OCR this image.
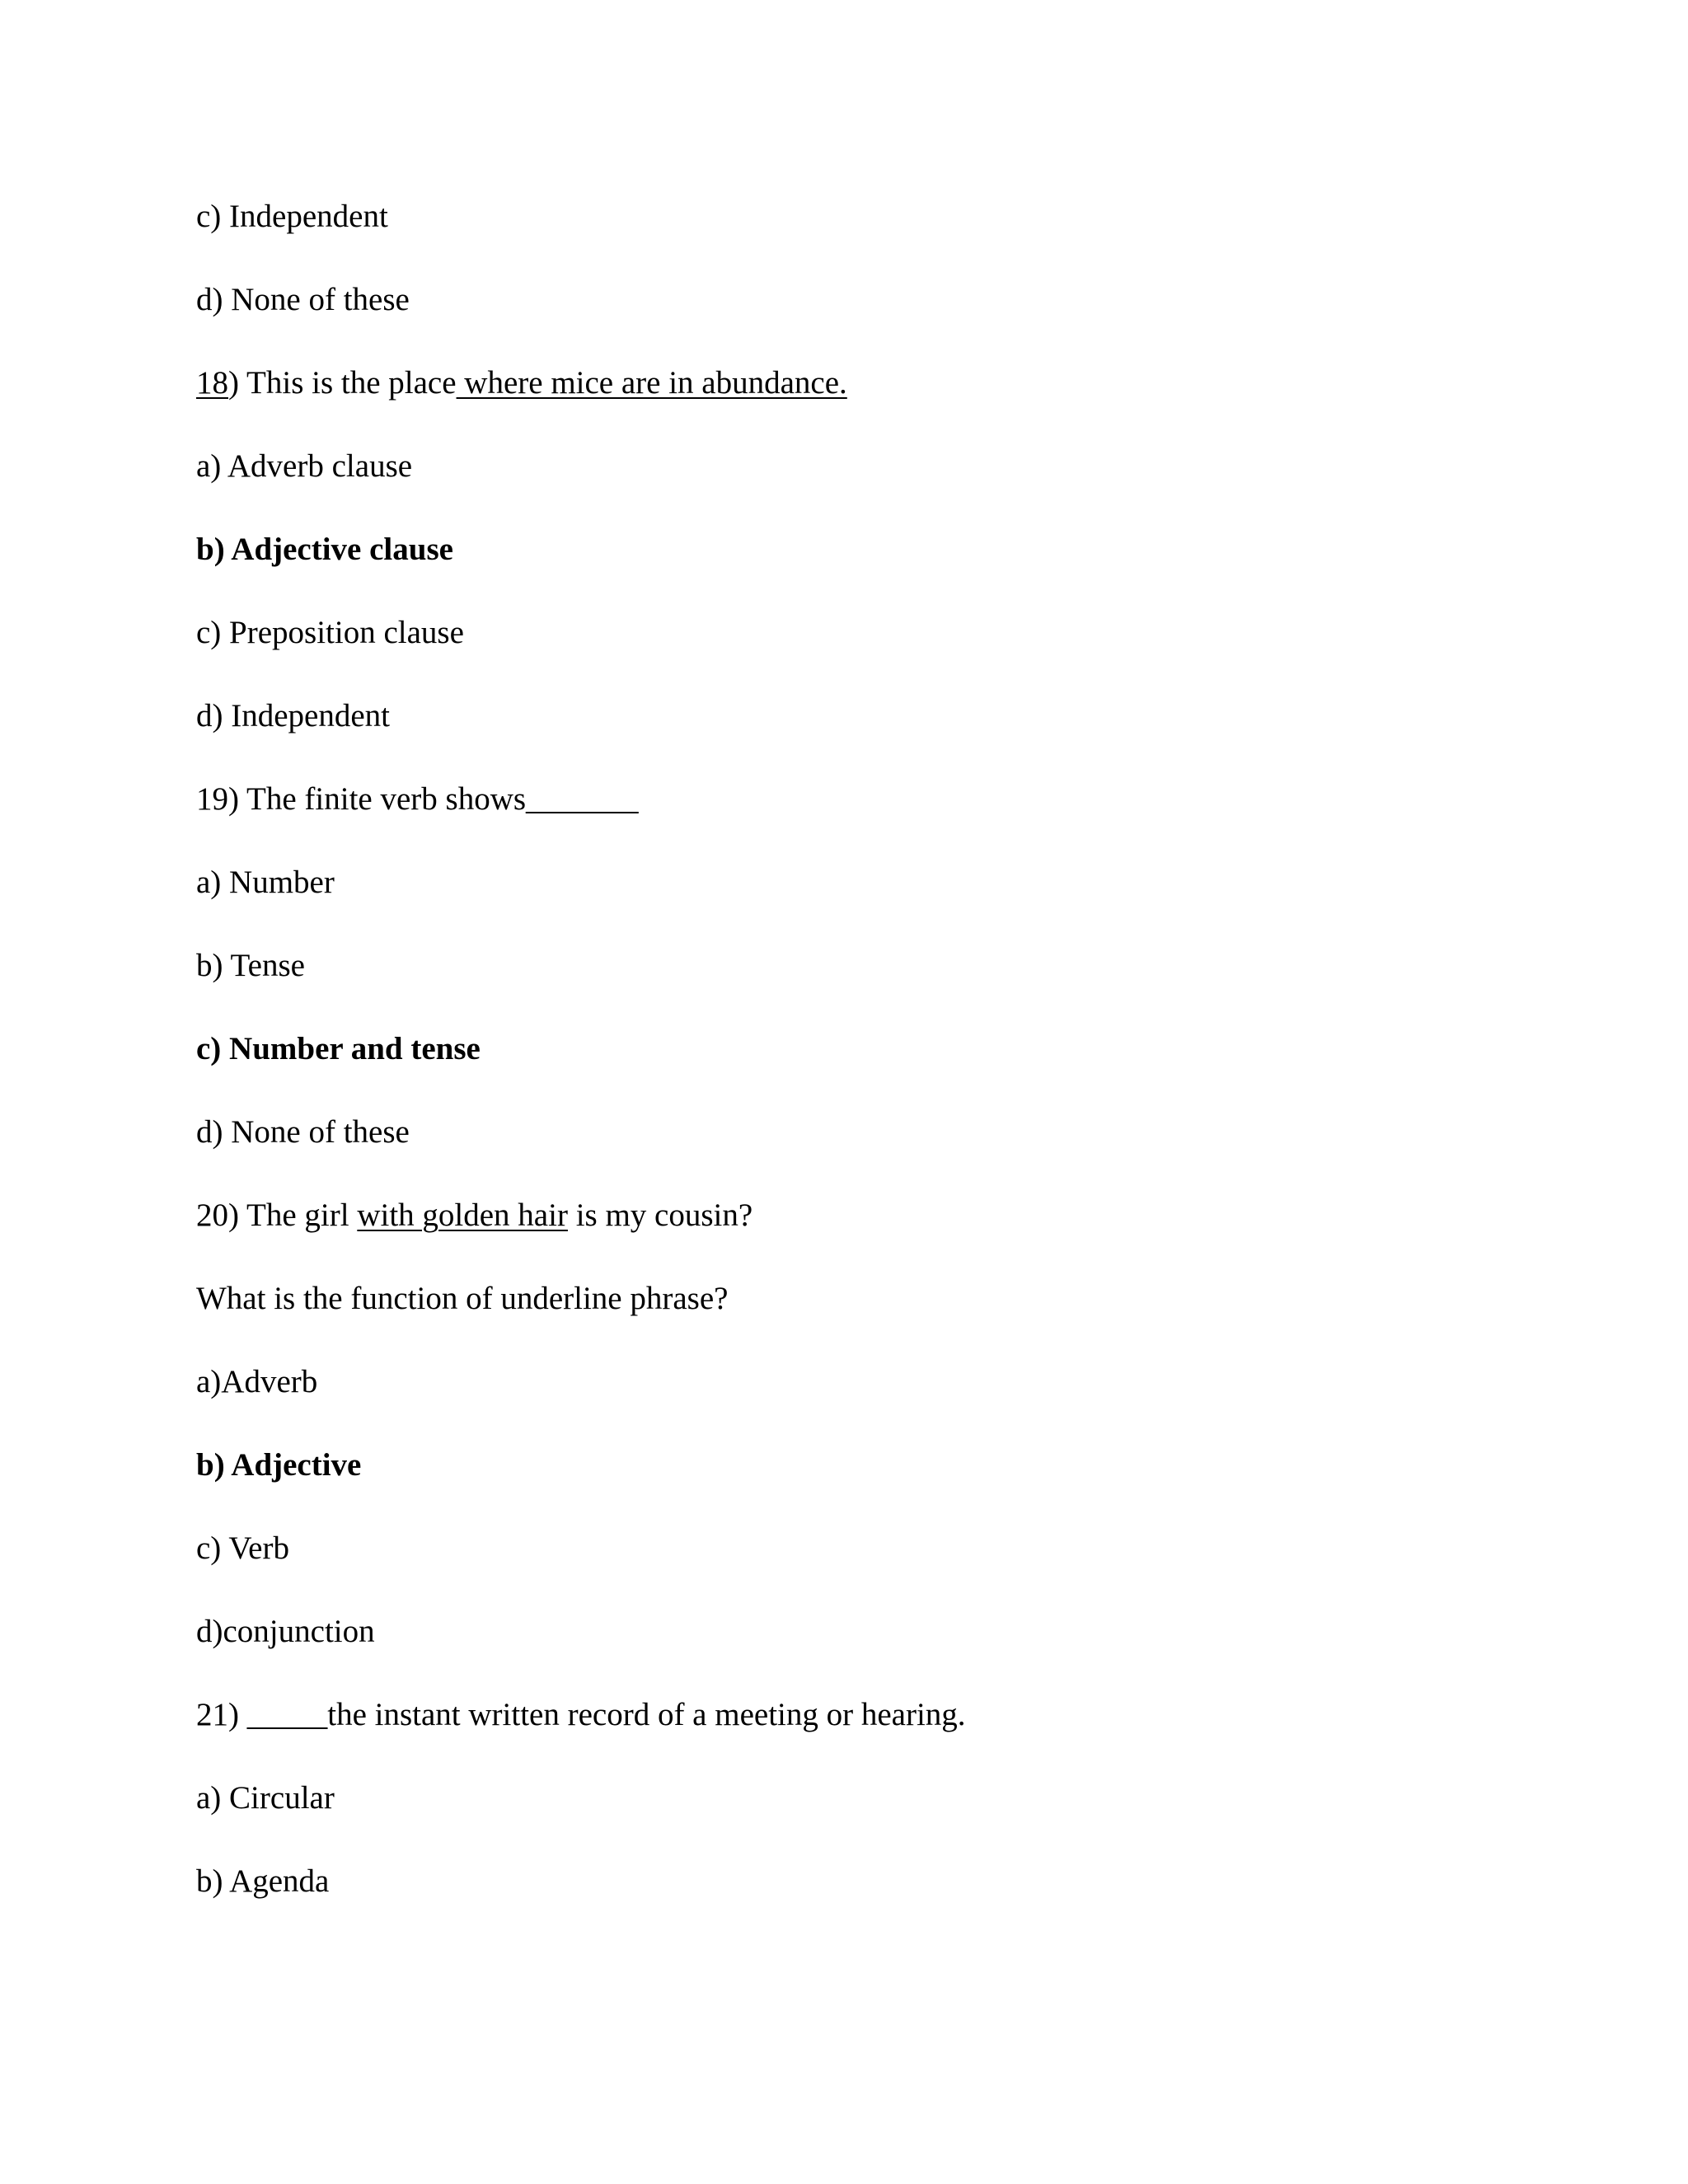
c) Independent
d) None of these
18) This is the place where mice are in abundance.
a) Adverb clause
b) Adjective clause
c) Preposition clause
d) Independent
19) The finite verb shows_______
a) Number
b) Tense
c) Number and tense
d) None of these
20) The girl with golden hair is my cousin?
What is the function of underline phrase?
a)Adverb
b) Adjective
c) Verb
d)conjunction
21) _____the instant written record of a meeting or hearing.
a) Circular
b) Agenda
